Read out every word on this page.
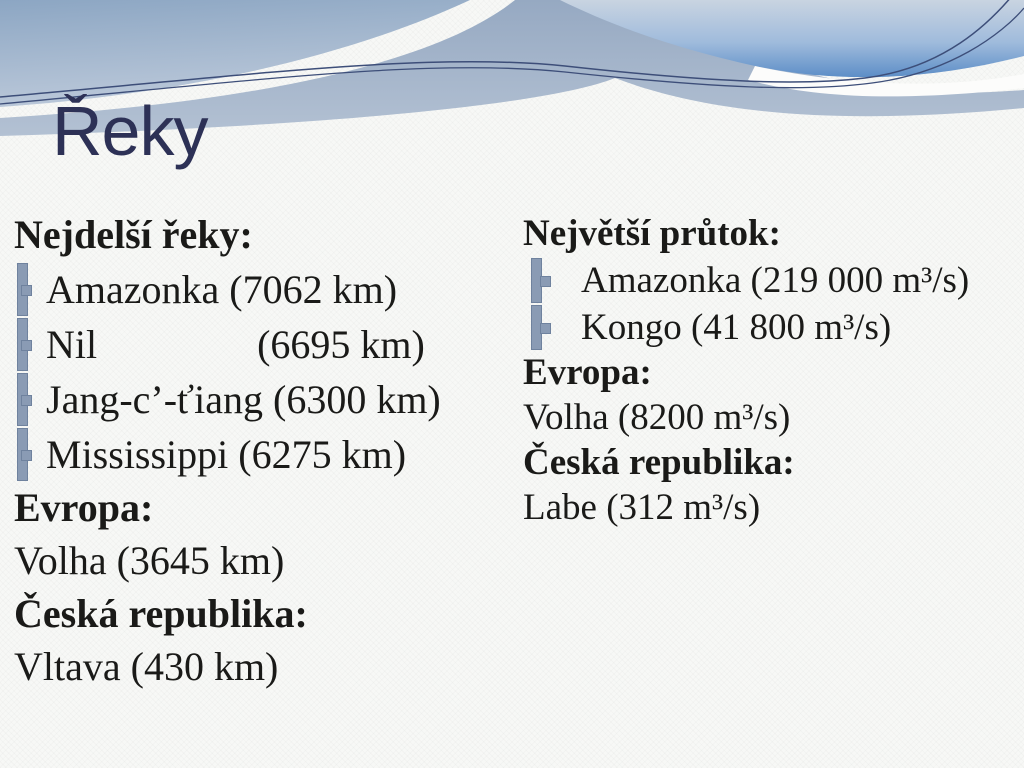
Řeky
Nejdelší řeky:
Amazonka (7062 km)
Nil                (6695 km)
Jang-c’-ťiang (6300 km)
Mississippi (6275 km)
Evropa:
Volha (3645 km)
Česká republika:
Vltava (430 km)
Největší průtok:
Amazonka (219 000 m³/s)
Kongo (41 800 m³/s)
Evropa:
Volha (8200 m³/s)
Česká republika:
Labe (312 m³/s)
